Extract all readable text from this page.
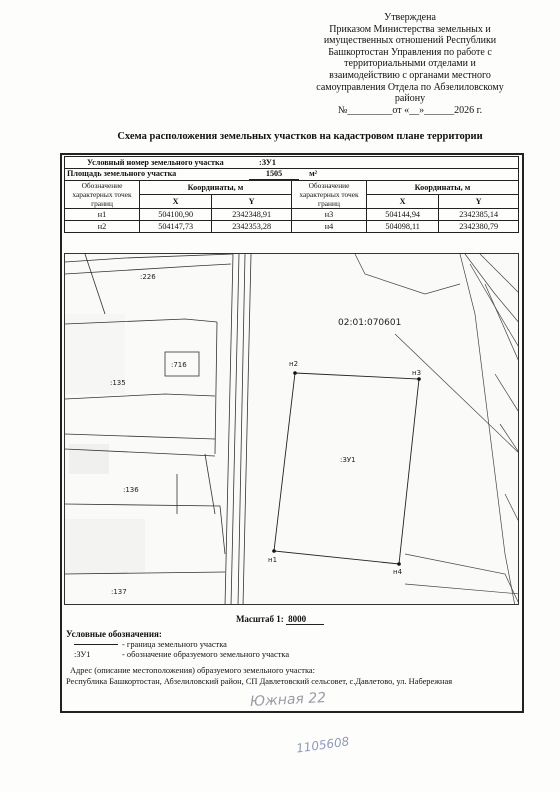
Утверждена
Приказом Министерства земельных и
имущественных отношений Республики
Башкортостан Управления по работе с
территориальными отделами и
взаимодействию с органами местного
самоуправления Отдела по Абзелиловскому
району
№_________от «__»______2026 г.
Схема расположения земельных участков на кадастровом плане территории
Условный номер земельного участка :ЗУ1					
Площадь земельного участка 1505 м²					
Обозначение характерных точек границ	Координаты, м		Обозначение характерных точек границ	Координаты, м	
	X	Y		X	Y
н1	504100,90	2342348,91	н3	504144,94	2342385,14
н2	504147,73	2342353,28	н4	504098,11	2342380,79
:226
:716
:135
:136
:137
:ЗУ1
н2
н3
н1
н4
02:01:070601
Масштаб 1: 8000
Условные обозначения:
- граница земельного участка
:ЗУ1	- обозначение образуемого земельного участка
Адрес (описание местоположения) образуемого земельного участка:
Республика Башкортостан, Абзелиловский район, СП Давлетовский сельсовет, с.Давлетово, ул. Набережная
Южная 22
1105608
